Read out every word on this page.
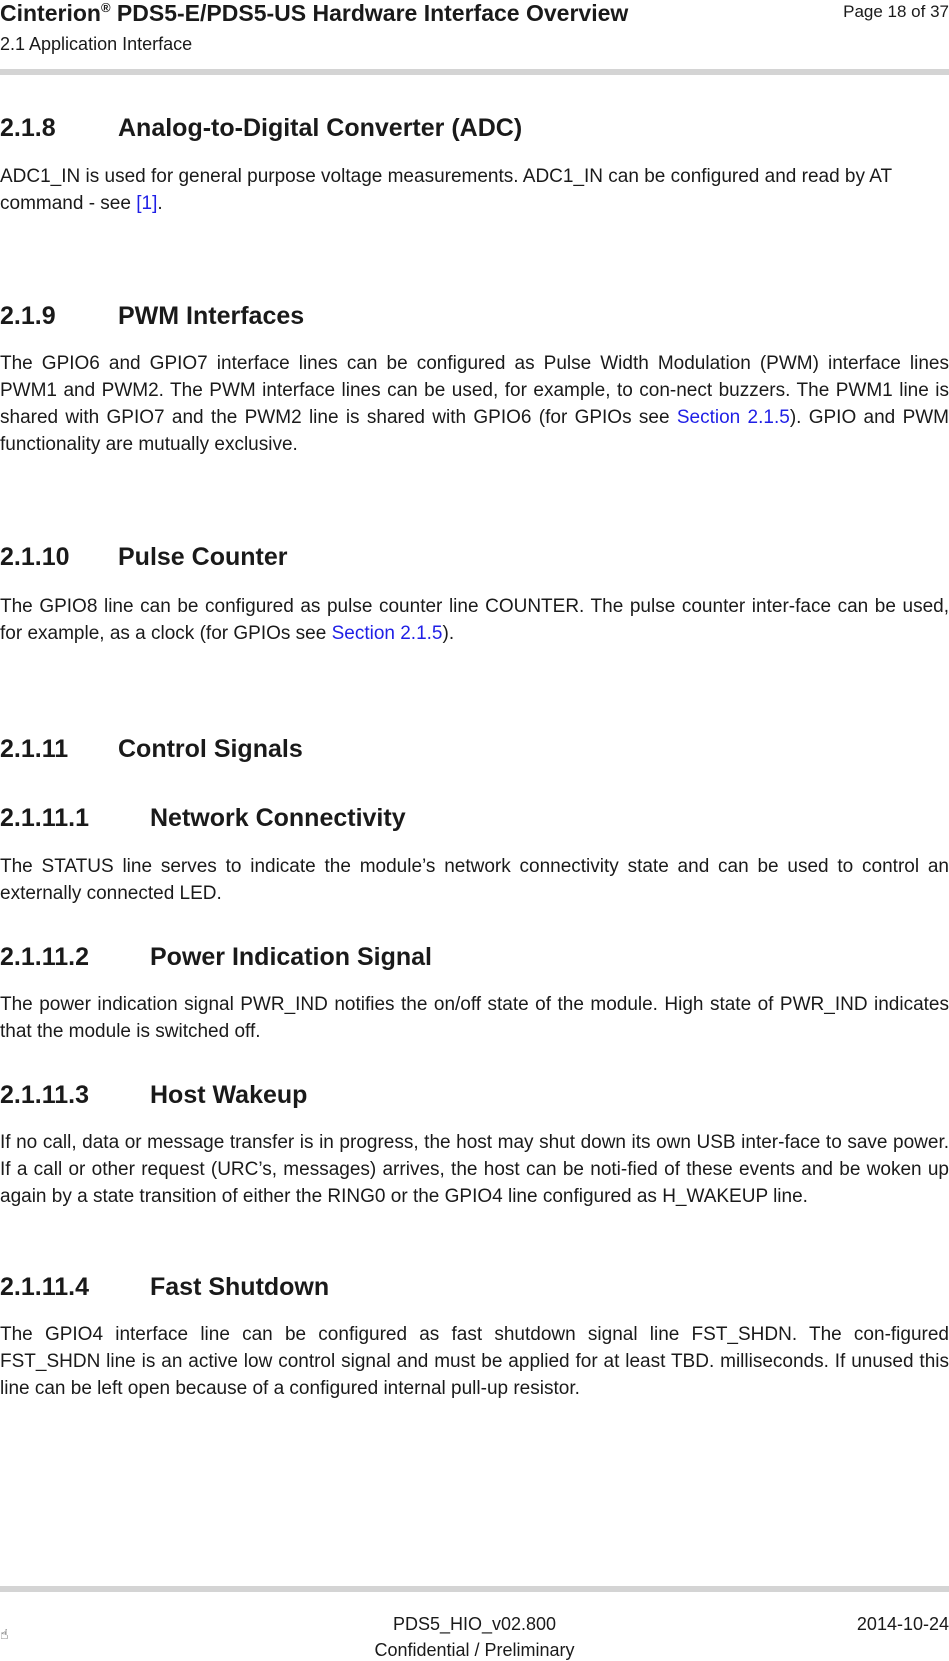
Cinterion® PDS5-E/PDS5-US Hardware Interface Overview
2.1 Application Interface
Page 18 of 37
2.1.8 Analog-to-Digital Converter (ADC)
ADC1_IN is used for general purpose voltage measurements. ADC1_IN can be configured and read by AT command - see [1].
2.1.9 PWM Interfaces
The GPIO6 and GPIO7 interface lines can be configured as Pulse Width Modulation (PWM) interface lines PWM1 and PWM2. The PWM interface lines can be used, for example, to con-nect buzzers. The PWM1 line is shared with GPIO7 and the PWM2 line is shared with GPIO6 (for GPIOs see Section 2.1.5). GPIO and PWM functionality are mutually exclusive.
2.1.10 Pulse Counter
The GPIO8 line can be configured as pulse counter line COUNTER. The pulse counter inter-face can be used, for example, as a clock (for GPIOs see Section 2.1.5).
2.1.11 Control Signals
2.1.11.1 Network Connectivity
The STATUS line serves to indicate the module’s network connectivity state and can be used to control an externally connected LED.
2.1.11.2 Power Indication Signal
The power indication signal PWR_IND notifies the on/off state of the module. High state of PWR_IND indicates that the module is switched off.
2.1.11.3 Host Wakeup
If no call, data or message transfer is in progress, the host may shut down its own USB inter-face to save power. If a call or other request (URC’s, messages) arrives, the host can be noti-fied of these events and be woken up again by a state transition of either the RING0 or the GPIO4 line configured as H_WAKEUP line.
2.1.11.4 Fast Shutdown
The GPIO4 interface line can be configured as fast shutdown signal line FST_SHDN. The con-figured FST_SHDN line is an active low control signal and must be applied for at least TBD. milliseconds. If unused this line can be left open because of a configured internal pull-up resistor.
☝	PDS5_HIO_v02.800	2014-10-24
Confidential / Preliminary
